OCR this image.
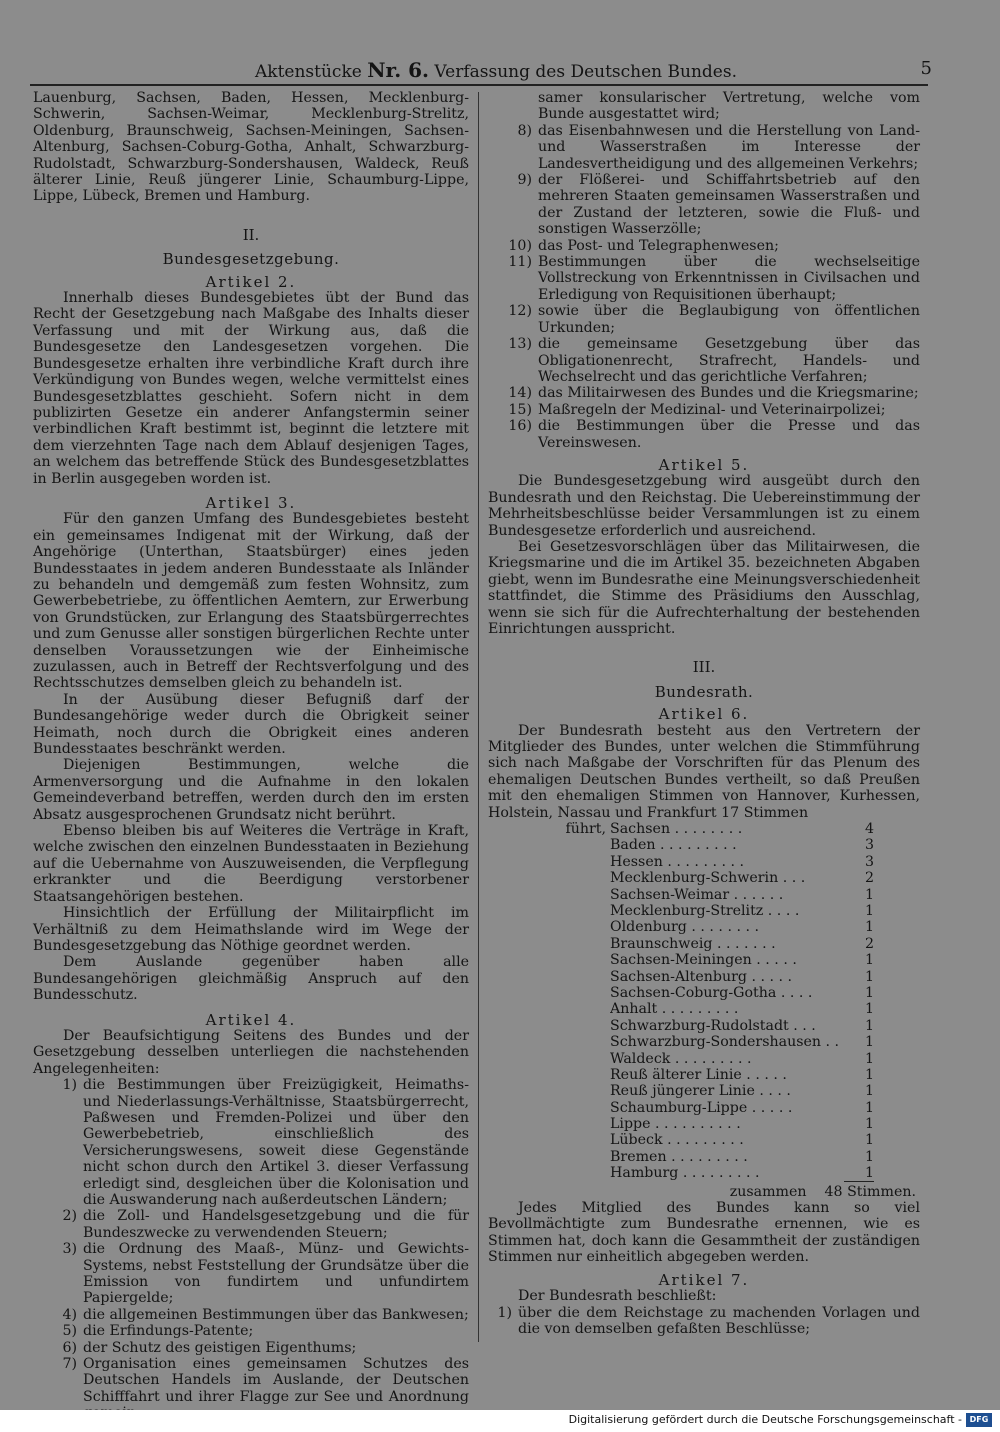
Aktenstücke Nr. 6. Verfassung des Deutschen Bundes.	5

Lauenburg, Sachsen, Baden, Hessen, Mecklenburg-Schwerin, Sachsen-Weimar, Mecklenburg-Strelitz, Oldenburg, Braunschweig, Sachsen-Meiningen, Sachsen-Altenburg, Sachsen-Coburg-Gotha, Anhalt, Schwarzburg-Rudolstadt, Schwarzburg-Sondershausen, Waldeck, Reuß älterer Linie, Reuß jüngerer Linie, Schaumburg-Lippe, Lippe, Lübeck, Bremen und Hamburg.

II.

Bundesgesetzgebung.

Artikel 2.

Innerhalb dieses Bundesgebietes übt der Bund das Recht der Gesetzgebung nach Maßgabe des Inhalts dieser Verfassung und mit der Wirkung aus, daß die Bundesgesetze den Landesgesetzen vorgehen. Die Bundesgesetze erhalten ihre verbindliche Kraft durch ihre Verkündigung von Bundes wegen, welche vermittelst eines Bundesgesetzblattes geschieht. Sofern nicht in dem publizirten Gesetze ein anderer Anfangstermin seiner verbindlichen Kraft bestimmt ist, beginnt die letztere mit dem vierzehnten Tage nach dem Ablauf desjenigen Tages, an welchem das betreffende Stück des Bundesgesetzblattes in Berlin ausgegeben worden ist.

Artikel 3.

Für den ganzen Umfang des Bundesgebietes besteht ein gemeinsames Indigenat mit der Wirkung, daß der Angehörige (Unterthan, Staatsbürger) eines jeden Bundesstaates in jedem anderen Bundesstaate als Inländer zu behandeln und demgemäß zum festen Wohnsitz, zum Gewerbebetriebe, zu öffentlichen Aemtern, zur Erwerbung von Grundstücken, zur Erlangung des Staatsbürgerrechtes und zum Genusse aller sonstigen bürgerlichen Rechte unter denselben Voraussetzungen wie der Einheimische zuzulassen, auch in Betreff der Rechtsverfolgung und des Rechtsschutzes demselben gleich zu behandeln ist.

In der Ausübung dieser Befugniß darf der Bundesangehörige weder durch die Obrigkeit seiner Heimath, noch durch die Obrigkeit eines anderen Bundesstaates beschränkt werden.

Diejenigen Bestimmungen, welche die Armenversorgung und die Aufnahme in den lokalen Gemeindeverband betreffen, werden durch den im ersten Absatz ausgesprochenen Grundsatz nicht berührt.

Ebenso bleiben bis auf Weiteres die Verträge in Kraft, welche zwischen den einzelnen Bundesstaaten in Beziehung auf die Uebernahme von Auszuweisenden, die Verpflegung erkrankter und die Beerdigung verstorbener Staatsangehörigen bestehen.

Hinsichtlich der Erfüllung der Militairpflicht im Verhältniß zu dem Heimathslande wird im Wege der Bundesgesetzgebung das Nöthige geordnet werden.

Dem Auslande gegenüber haben alle Bundesangehörigen gleichmäßig Anspruch auf den Bundesschutz.

Artikel 4.

Der Beaufsichtigung Seitens des Bundes und der Gesetzgebung desselben unterliegen die nachstehenden Angelegenheiten:

1) die Bestimmungen über Freizügigkeit, Heimaths- und Niederlassungs-Verhältnisse, Staatsbürgerrecht, Paßwesen und Fremden-Polizei und über den Gewerbebetrieb, einschließlich des Versicherungswesens, soweit diese Gegenstände nicht schon durch den Artikel 3. dieser Verfassung erledigt sind, desgleichen über die Kolonisation und die Auswanderung nach außerdeutschen Ländern;
2) die Zoll- und Handelsgesetzgebung und die für Bundeszwecke zu verwendenden Steuern;
3) die Ordnung des Maaß-, Münz- und Gewichts-Systems, nebst Feststellung der Grundsätze über die Emission von fundirtem und unfundirtem Papiergelde;
4) die allgemeinen Bestimmungen über das Bankwesen;
5) die Erfindungs-Patente;
6) der Schutz des geistigen Eigenthums;
7) Organisation eines gemeinsamen Schutzes des Deutschen Handels im Auslande, der Deutschen Schifffahrt und ihrer Flagge zur See und Anordnung

samer konsularischer Vertretung, welche vom Bunde ausgestattet wird;

8) das Eisenbahnwesen und die Herstellung von Land- und Wasserstraßen im Interesse der Landesvertheidigung und des allgemeinen Verkehrs;
9) der Flößerei- und Schiffahrtsbetrieb auf den mehreren Staaten gemeinsamen Wasserstraßen und der Zustand der letzteren, sowie die Fluß- und sonstigen Wasserzölle;
10) das Post- und Telegraphenwesen;
11) Bestimmungen über die wechselseitige Vollstreckung von Erkenntnissen in Civilsachen und Erledigung von Requisitionen überhaupt;
12) sowie über die Beglaubigung von öffentlichen Urkunden;
13) die gemeinsame Gesetzgebung über das Obligationenrecht, Strafrecht, Handels- und Wechselrecht und das gerichtliche Verfahren;
14) das Militairwesen des Bundes und die Kriegsmarine;
15) Maßregeln der Medizinal- und Veterinairpolizei;
16) die Bestimmungen über die Presse und das Vereinswesen.

Artikel 5.

Die Bundesgesetzgebung wird ausgeübt durch den Bundesrath und den Reichstag. Die Uebereinstimmung der Mehrheitsbeschlüsse beider Versammlungen ist zu einem Bundesgesetze erforderlich und ausreichend.

Bei Gesetzesvorschlägen über das Militairwesen, die Kriegsmarine und die im Artikel 35. bezeichneten Abgaben giebt, wenn im Bundesrathe eine Meinungsverschiedenheit stattfindet, die Stimme des Präsidiums den Ausschlag, wenn sie sich für die Aufrechterhaltung der bestehenden Einrichtungen ausspricht.

III.

Bundesrath.

Artikel 6.

Der Bundesrath besteht aus den Vertretern der Mitglieder des Bundes, unter welchen die Stimmführung sich nach Maßgabe der Vorschriften für das Plenum des ehemaligen Deutschen Bundes vertheilt, so daß Preußen mit den ehemaligen Stimmen von Hannover, Kurhessen, Holstein, Nassau und Frankfurt 17 Stimmen

führt, Sachsen . . . . . . . .	4
Baden . . . . . . . . .	3
Hessen . . . . . . . . .	3
Mecklenburg-Schwerin . . .	2
Sachsen-Weimar . . . . . .	1
Mecklenburg-Strelitz . . . .	1
Oldenburg . . . . . . . .	1
Braunschweig . . . . . . .	2
Sachsen-Meiningen . . . . .	1
Sachsen-Altenburg . . . . .	1
Sachsen-Coburg-Gotha . . . .	1
Anhalt . . . . . . . . .	1
Schwarzburg-Rudolstadt . . .	1
Schwarzburg-Sondershausen . .	1
Waldeck . . . . . . . . .	1
Reuß älterer Linie . . . . .	1
Reuß jüngerer Linie . . . .	1
Schaumburg-Lippe . . . . .	1
Lippe . . . . . . . . . .	1
Lübeck . . . . . . . . .	1
Bremen . . . . . . . . .	1
Hamburg . . . . . . . . .	1
zusammen 48 Stimmen.

Jedes Mitglied des Bundes kann so viel Bevollmächtigte zum Bundesrathe ernennen, wie es Stimmen hat, doch kann die Gesammtheit der zuständigen Stimmen nur einheitlich abgegeben werden.

Artikel 7.

Der Bundesrath beschließt:

1) über die dem Reichstage zu machenden Vorlagen und die von demselben gefaßten Beschlüsse;
Digitalisierung gefördert durch die Deutsche Forschungsgemeinschaft - DFG
